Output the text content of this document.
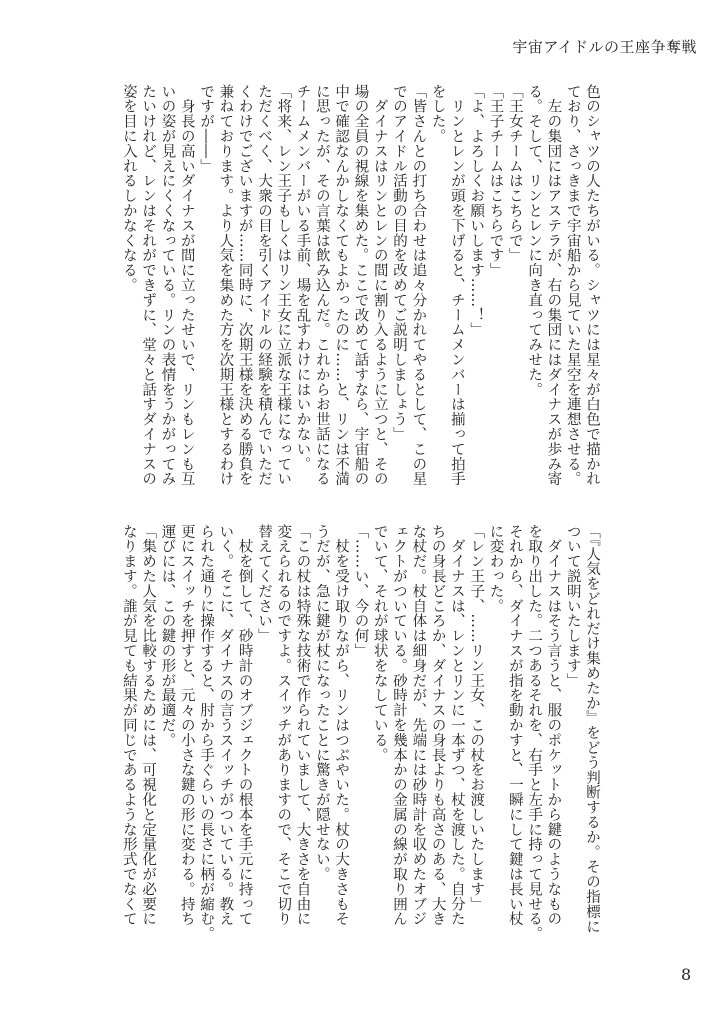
宇宙アイドルの王座争奪戦
色のシャツの人たちがいる。シャツには星々が白色で描かれ
ており、さっきまで宇宙船から見ていた星空を連想させる。
　左の集団にはアステラが、右の集団にはダイナスが歩み寄
る。そして、リンとレンに向き直ってみせた。
「王女チームはこちらで」
「王子チームはこちらです」
「よ、よろしくお願いします……！」
　リンとレンが頭を下げると、チームメンバーは揃って拍手
をした。
「皆さんとの打ち合わせは追々分かれてやるとして、この星
でのアイドル活動の目的を改めてご説明しましょう」
　ダイナスはリンとレンの間に割り入るように立つと、その
場の全員の視線を集めた。ここで改めて話すなら、宇宙船の
中で確認なんかしなくてもよかったのに……と、リンは不満
に思ったが、その言葉は飲み込んだ。これからお世話になる
チームメンバーがいる手前、場を乱すわけにはいかない。
「将来、レン王子もしくはリン王女に立派な王様になってい
ただくべく、大衆の目を引くアイドルの経験を積んでいただ
くわけでございますが……同時に、次期王様を決める勝負を
兼ねております。より人気を集めた方を次期王様とするわけ
ですが――」
　身長の高いダイナスが間に立ったせいで、リンもレンも互
いの姿が見えにくくなっている。リンの表情をうかがってみ
たいけれど、レンはそれができずに、堂々と話すダイナスの
姿を目に入れるしかなくなる。
「『人気をどれだけ集めたか』をどう判断するか。その指標に
ついて説明いたします」
　ダイナスはそう言うと、服のポケットから鍵のようなもの
を取り出した。二つあるそれを、右手と左手に持って見せる。
それから、ダイナスが指を動かすと、一瞬にして鍵は長い杖
に変わった。
「レン王子、……リン王女、この杖をお渡しいたします」
　ダイナスは、レンとリンに一本ずつ、杖を渡した。自分た
ちの身長どころか、ダイナスの身長よりも高さのある、大き
な杖だ。杖自体は細身だが、先端には砂時計を収めたオブジ
ェクトがついている。砂時計を幾本かの金属の線が取り囲ん
でいて、それが球状をなしている。
「……い、今の何」
　杖を受け取りながら、リンはつぶやいた。杖の大きさもそ
うだが、急に鍵が杖になったことに驚きが隠せない。
「この杖は特殊な技術で作られていまして、大きさを自由に
変えられるのですよ。スイッチがありますので、そこで切り
替えてください」
　杖を倒して、砂時計のオブジェクトの根本を手元に持って
いく。そこに、ダイナスの言うスイッチがついている。教え
られた通りに操作すると、肘から手ぐらいの長さに柄が縮む。
更にスイッチを押すと、元々の小さな鍵の形に変わる。持ち
運びには、この鍵の形が最適だ。
「集めた人気を比較するためには、可視化と定量化が必要に
なります。誰が見ても結果が同じであるような形式でなくて
8
